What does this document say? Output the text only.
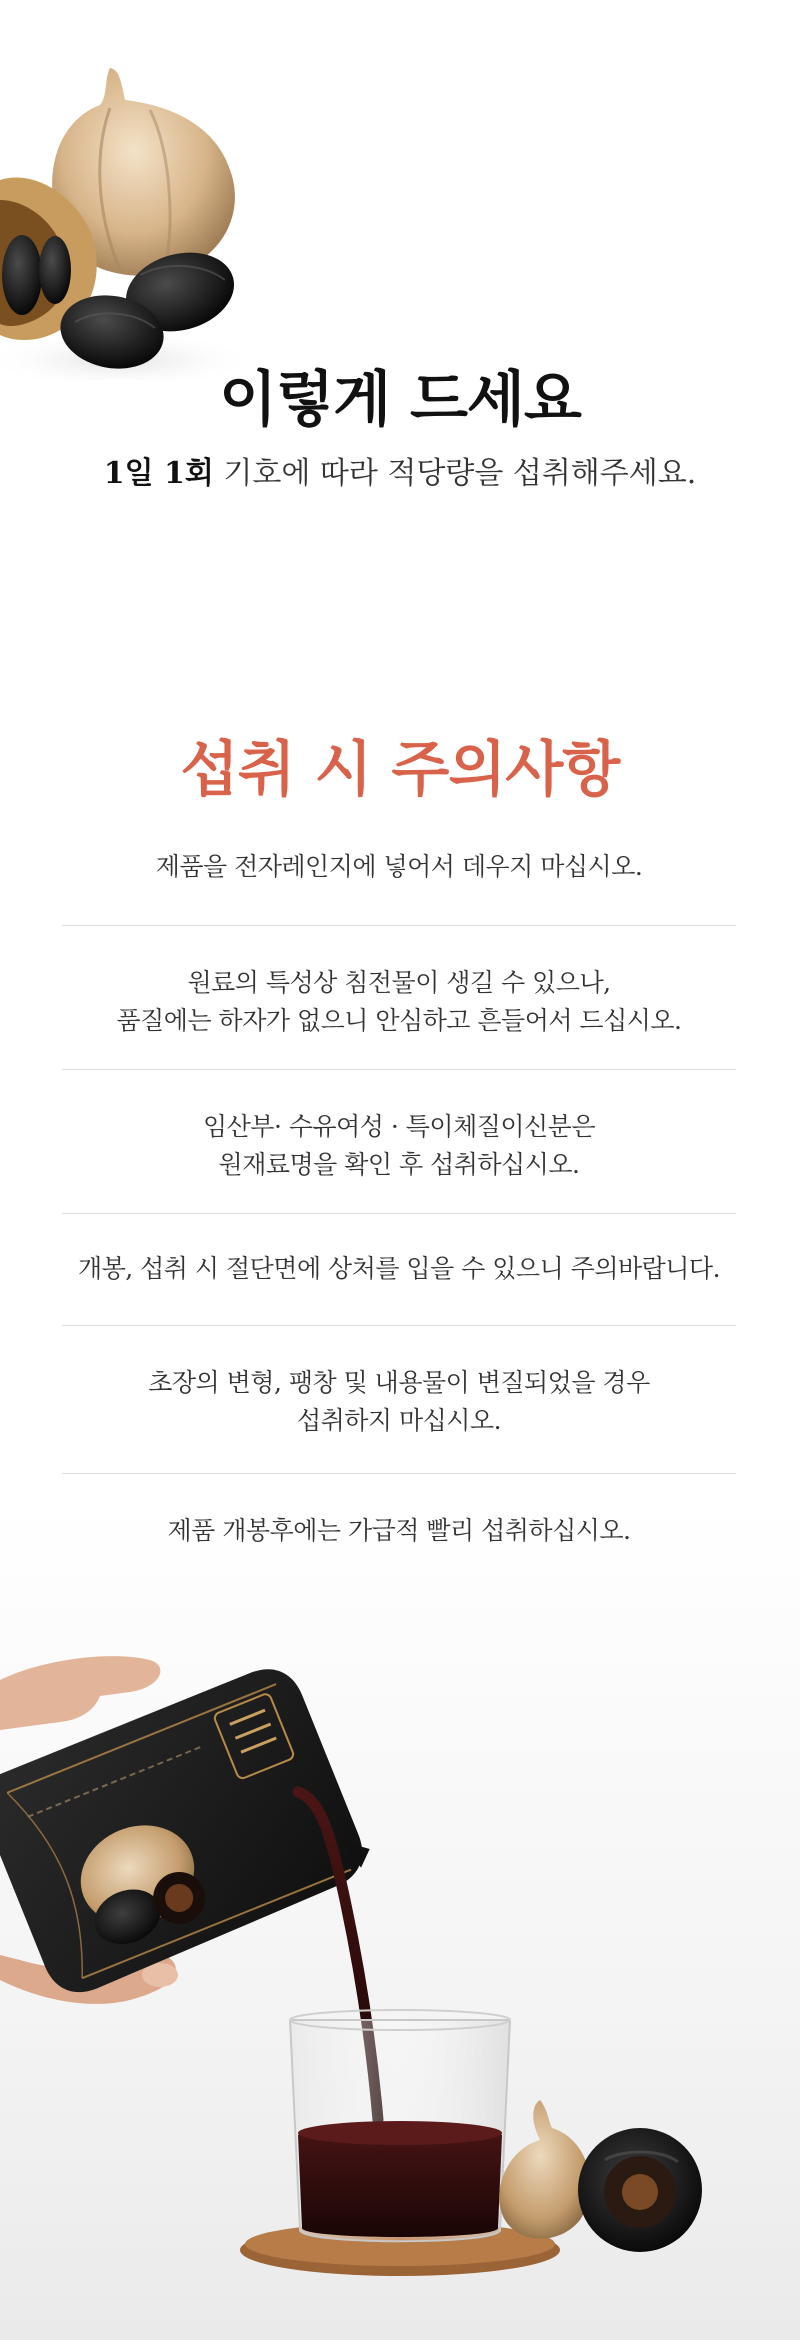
이렇게 드세요
1일 1회 기호에 따라 적당량을 섭취해주세요.
섭취 시 주의사항
제품을 전자레인지에 넣어서 데우지 마십시오.
원료의 특성상 침전물이 생길 수 있으나,
품질에는 하자가 없으니 안심하고 흔들어서 드십시오.
임산부· 수유여성 · 특이체질이신분은
원재료명을 확인 후 섭취하십시오.
개봉, 섭취 시 절단면에 상처를 입을 수 있으니 주의바랍니다.
초장의 변형, 팽창 및 내용물이 변질되었을 경우
섭취하지 마십시오.
제품 개봉후에는 가급적 빨리 섭취하십시오.
